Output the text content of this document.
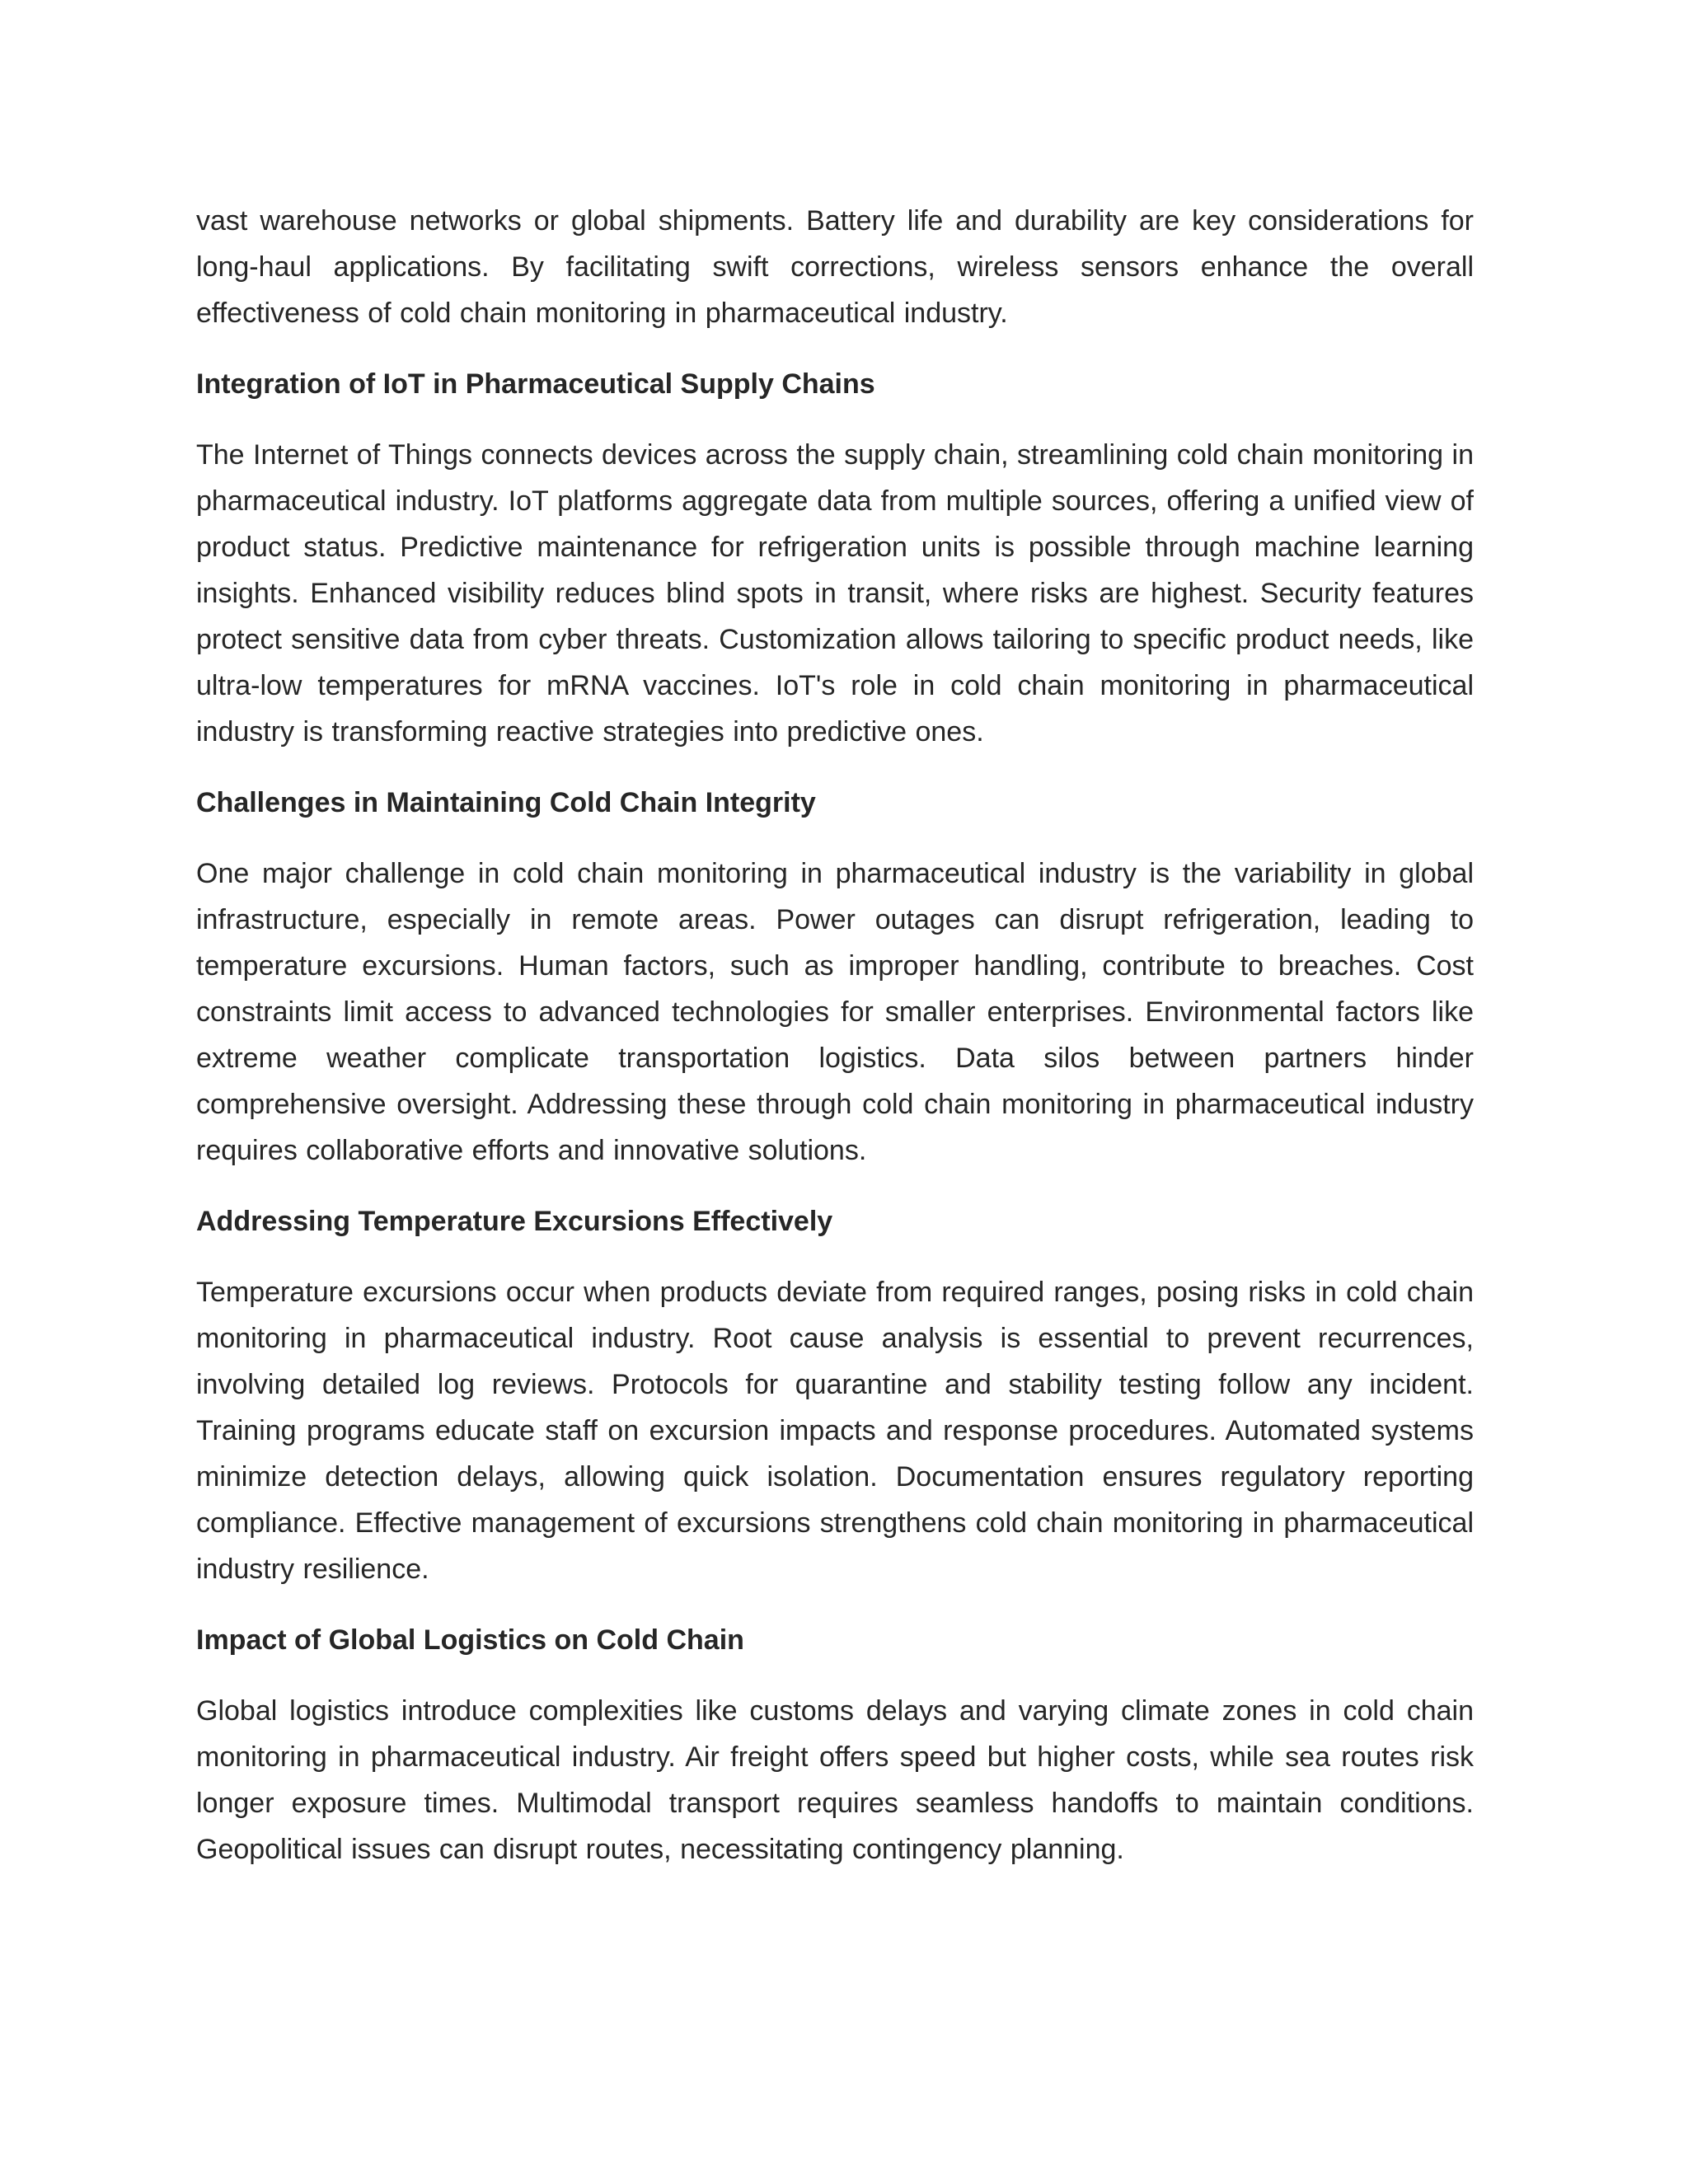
vast warehouse networks or global shipments. Battery life and durability are key considerations for long-haul applications. By facilitating swift corrections, wireless sensors enhance the overall effectiveness of cold chain monitoring in pharmaceutical industry.

Integration of IoT in Pharmaceutical Supply Chains

The Internet of Things connects devices across the supply chain, streamlining cold chain monitoring in pharmaceutical industry. IoT platforms aggregate data from multiple sources, offering a unified view of product status. Predictive maintenance for refrigeration units is possible through machine learning insights. Enhanced visibility reduces blind spots in transit, where risks are highest. Security features protect sensitive data from cyber threats. Customization allows tailoring to specific product needs, like ultra-low temperatures for mRNA vaccines. IoT's role in cold chain monitoring in pharmaceutical industry is transforming reactive strategies into predictive ones.

Challenges in Maintaining Cold Chain Integrity

One major challenge in cold chain monitoring in pharmaceutical industry is the variability in global infrastructure, especially in remote areas. Power outages can disrupt refrigeration, leading to temperature excursions. Human factors, such as improper handling, contribute to breaches. Cost constraints limit access to advanced technologies for smaller enterprises. Environmental factors like extreme weather complicate transportation logistics. Data silos between partners hinder comprehensive oversight. Addressing these through cold chain monitoring in pharmaceutical industry requires collaborative efforts and innovative solutions.

Addressing Temperature Excursions Effectively

Temperature excursions occur when products deviate from required ranges, posing risks in cold chain monitoring in pharmaceutical industry. Root cause analysis is essential to prevent recurrences, involving detailed log reviews. Protocols for quarantine and stability testing follow any incident. Training programs educate staff on excursion impacts and response procedures. Automated systems minimize detection delays, allowing quick isolation. Documentation ensures regulatory reporting compliance. Effective management of excursions strengthens cold chain monitoring in pharmaceutical industry resilience.

Impact of Global Logistics on Cold Chain

Global logistics introduce complexities like customs delays and varying climate zones in cold chain monitoring in pharmaceutical industry. Air freight offers speed but higher costs, while sea routes risk longer exposure times. Multimodal transport requires seamless handoffs to maintain conditions. Geopolitical issues can disrupt routes, necessitating contingency planning.
